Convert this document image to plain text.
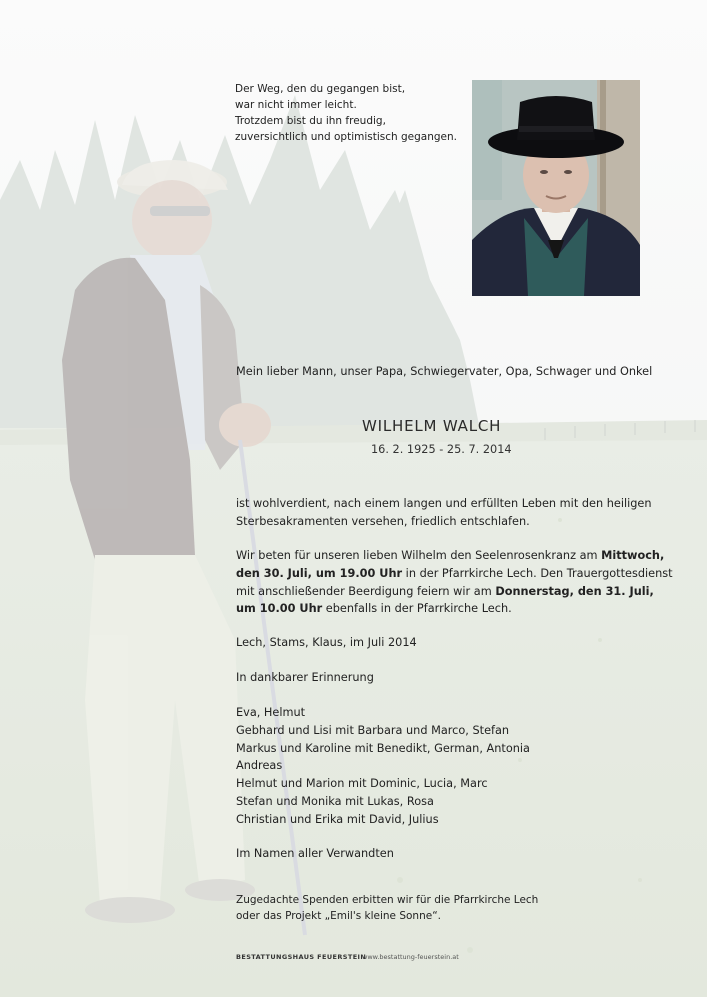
Der Weg, den du gegangen bist,
war nicht immer leicht.
Trotzdem bist du ihn freudig,
zuversichtlich und optimistisch gegangen.
Mein lieber Mann, unser Papa, Schwiegervater, Opa, Schwager und Onkel
WILHELM WALCH
16. 2. 1925 - 25. 7. 2014
ist wohlverdient, nach einem langen und erfüllten Leben mit den heiligen
Sterbesakramenten versehen, friedlich entschlafen.
Wir beten für unseren lieben Wilhelm den Seelenrosenkranz am Mittwoch,
den 30. Juli, um 19.00 Uhr in der Pfarrkirche Lech. Den Trauergottesdienst
mit anschließender Beerdigung feiern wir am Donnerstag, den 31. Juli,
um 10.00 Uhr ebenfalls in der Pfarrkirche Lech.
Lech, Stams, Klaus, im Juli 2014
In dankbarer Erinnerung
Eva, Helmut
Gebhard und Lisi mit Barbara und Marco, Stefan
Markus und Karoline mit Benedikt, German, Antonia
Andreas
Helmut und Marion mit Dominic, Lucia, Marc
Stefan und Monika mit Lukas, Rosa
Christian und Erika mit David, Julius
Im Namen aller Verwandten
Zugedachte Spenden erbitten wir für die Pfarrkirche Lech
oder das Projekt „Emil's kleine Sonne“.
BESTATTUNGSHAUS FEUERSTEIN
www.bestattung-feuerstein.at
